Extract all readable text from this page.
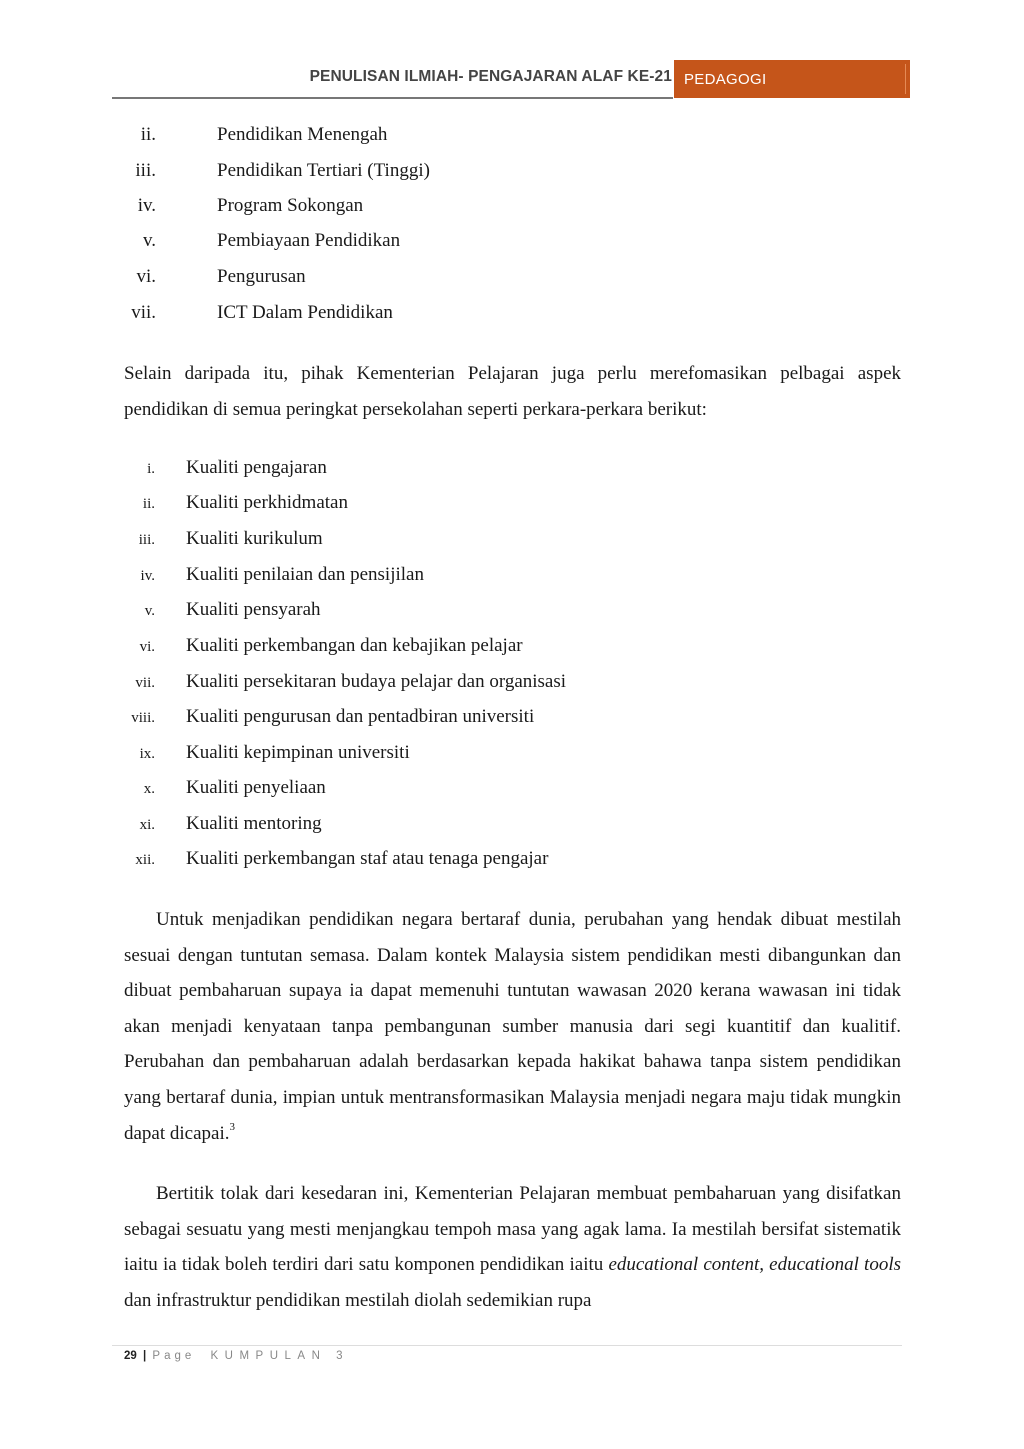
PENULISAN ILMIAH- PENGAJARAN ALAF KE-21 PEDAGOGI
ii.	Pendidikan Menengah
iii.	Pendidikan Tertiari (Tinggi)
iv.	Program Sokongan
v.	Pembiayaan Pendidikan
vi.	Pengurusan
vii.	ICT Dalam Pendidikan

Selain daripada itu, pihak Kementerian Pelajaran juga perlu merefomasikan pelbagai aspek pendidikan di semua peringkat persekolahan seperti perkara-perkara berikut:

i. Kualiti pengajaran
ii. Kualiti perkhidmatan
iii. Kualiti kurikulum
iv. Kualiti penilaian dan pensijilan
v. Kualiti pensyarah
vi. Kualiti perkembangan dan kebajikan pelajar
vii. Kualiti persekitaran budaya pelajar dan organisasi
viii. Kualiti pengurusan dan pentadbiran universiti
ix. Kualiti kepimpinan universiti
x. Kualiti penyeliaan
xi. Kualiti mentoring
xii. Kualiti perkembangan staf atau tenaga pengajar

Untuk menjadikan pendidikan negara bertaraf dunia, perubahan yang hendak dibuat mestilah sesuai dengan tuntutan semasa. Dalam kontek Malaysia sistem pendidikan mesti dibangunkan dan dibuat pembaharuan supaya ia dapat memenuhi tuntutan wawasan 2020 kerana wawasan ini tidak akan menjadi kenyataan tanpa pembangunan sumber manusia dari segi kuantitif dan kualitif. Perubahan dan pembaharuan adalah berdasarkan kepada hakikat bahawa tanpa sistem pendidikan yang bertaraf dunia, impian untuk mentransformasikan Malaysia menjadi negara maju tidak mungkin dapat dicapai.$^3$

Bertitik tolak dari kesedaran ini, Kementerian Pelajaran membuat pembaharuan yang disifatkan sebagai sesuatu yang mesti menjangkau tempoh masa yang agak lama. Ia mestilah bersifat sistematik iaitu ia tidak boleh terdiri dari satu komponen pendidikan iaitu educational content, educational tools dan infrastruktur pendidikan mestilah diolah sedemikian rupa

29 | Page KUMPULAN 3
